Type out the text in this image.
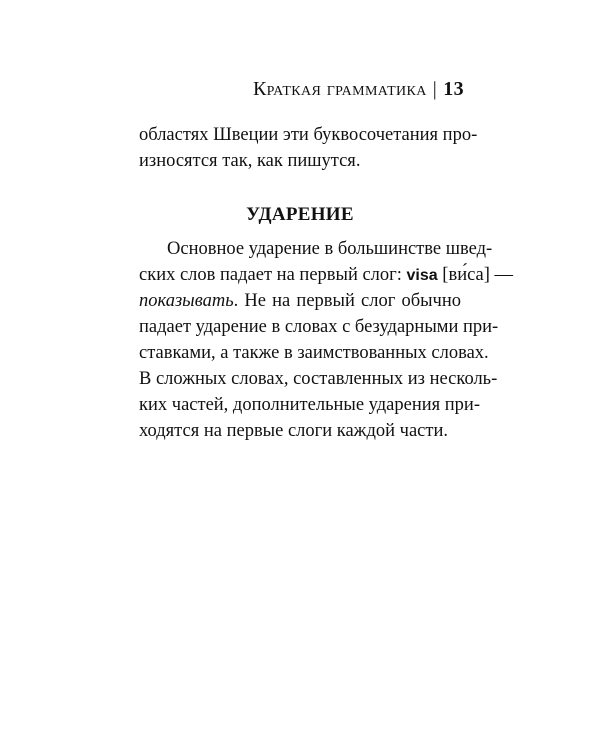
Краткая грамматика | 13
областях Швеции эти буквосочетания про-
износятся так, как пишутся.
УДАРЕНИЕ
Основное ударение в большинстве швед-
ских слов падает на первый слог: visa [ви́са] —
показывать. Не на первый слог обычно
падает ударение в словах с безударными при-
ставками, а также в заимствованных словах.
В сложных словах, составленных из несколь-
ких частей, дополнительные ударения при-
ходятся на первые слоги каждой части.
